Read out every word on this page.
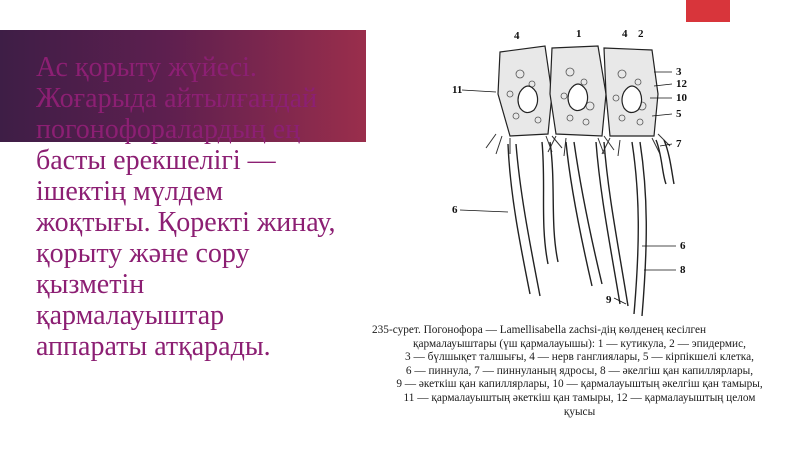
Ас қорыту жүйесі.
Жоғарыда айтылғандай
погонофоралардың ең
басты ерекшелігі —
ішектің мүлдем
жоқтығы. Қоректі жинау,
қорыту және сору
қызметін
қармалауыштар
аппараты атқарады.

4	1	4 2
3
12
10
5
7
11
6
6
8
9

235-сурет. Погонофора — Lamellisabella zachsi-дің көлденең кесілген
қармалауыштары (үш қармалауышы): 1 — кутикула, 2 — эпидермис,
3 — бүлшықет талшығы, 4 — нерв ганглиялары, 5 — кірпікшелі клетка,
6 — пиннула, 7 — пиннуланың ядросы, 8 — әкелгіш қан капиллярлары,
9 — әкеткіш қан капиллярлары, 10 — қармалауыштың әкелгіш қан тамыры,
11 — қармалауыштың әкеткіш қан тамыры, 12 — қармалауыштың целом
қуысы
